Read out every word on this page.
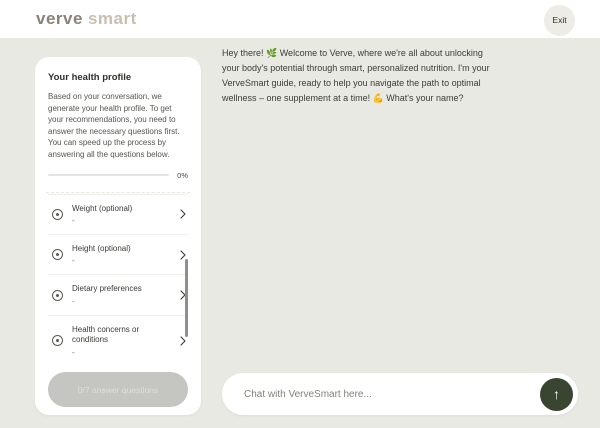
verve smart	Exit
Your health profile
Based on your conversation, we generate your health profile. To get your recommendations, you need to answer the necessary questions first. You can speed up the process by answering all the questions below.
0%
Weight (optional)
-
Height (optional)
-
Dietary preferences
-
Health concerns or conditions
-
0/7 answer questions
Hey there! 🌿 Welcome to Verve, where we're all about unlocking your body's potential through smart, personalized nutrition. I'm your VerveSmart guide, ready to help you navigate the path to optimal wellness – one supplement at a time! 💪 What's your name?
Chat with VerveSmart here...
↑
